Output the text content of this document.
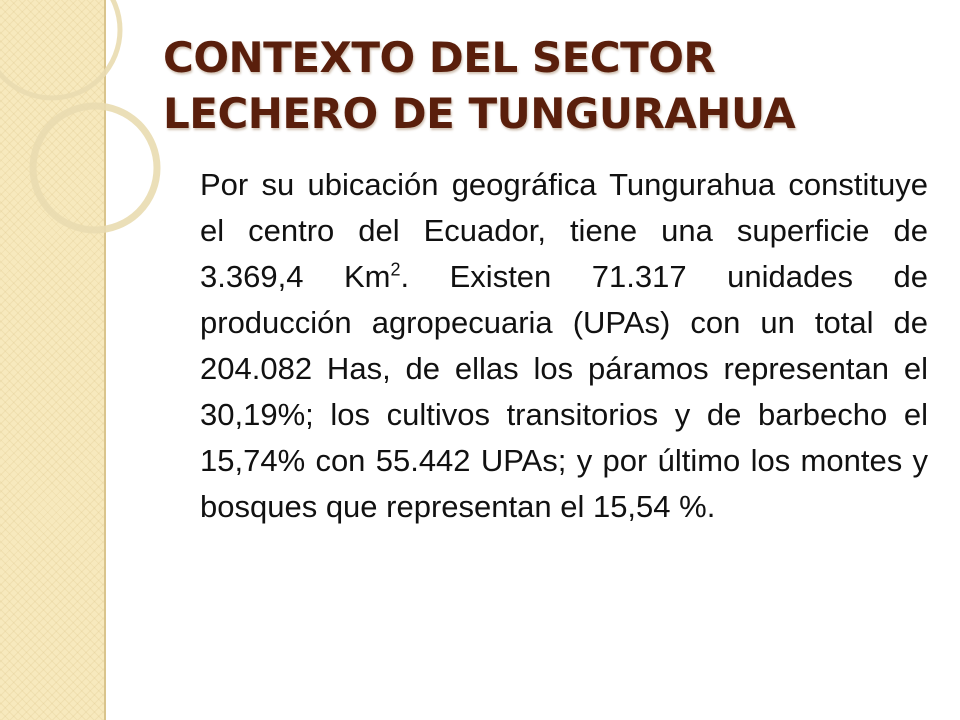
CONTEXTO DEL SECTOR LECHERO DE TUNGURAHUA

Por su ubicación geográfica Tungurahua constituye el centro del Ecuador, tiene una superficie de 3.369,4 Km$^2$. Existen 71.317 unidades de producción agropecuaria (UPAs) con un total de 204.082 Has, de ellas los páramos representan el 30,19%; los cultivos transitorios y de barbecho el 15,74% con 55.442 UPAs; y por último los montes y bosques que representan el 15,54 %.
